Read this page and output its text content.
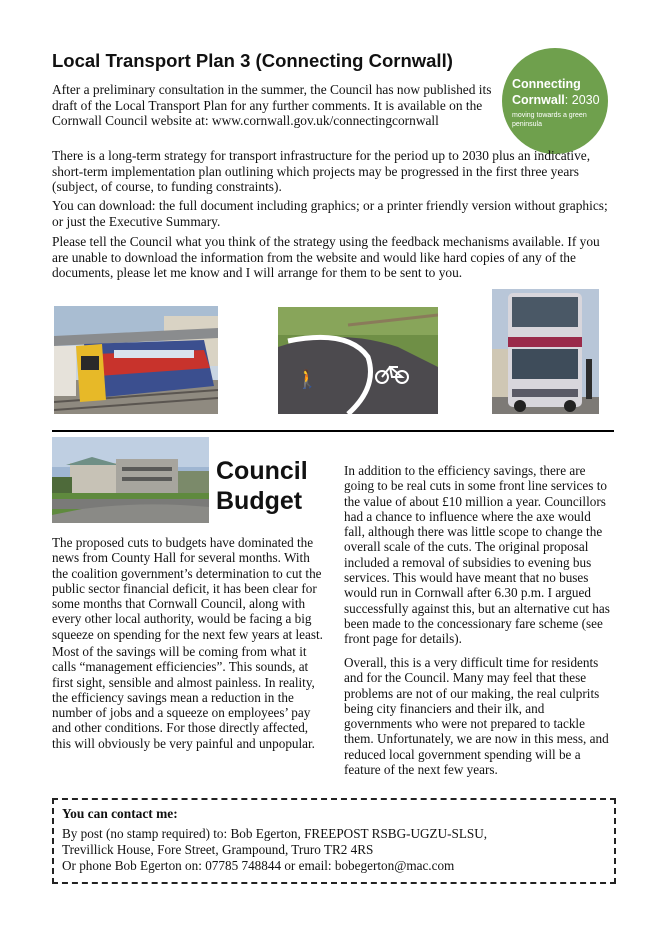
Local Transport Plan 3 (Connecting Cornwall)

After a preliminary consultation in the summer, the Council has now published its draft of the Local Transport Plan for any further comments. It is available on the Cornwall Council website at: www.cornwall.gov.uk/connectingcornwall

Connecting
Cornwall: 2030
moving towards a green peninsula

There is a long-term strategy for transport infrastructure for the period up to 2030 plus an indicative, short-term implementation plan outlining which projects may be progressed in the first three years (subject, of course, to funding constraints).

You can download: the full document including graphics; or a printer friendly version without graphics; or just the Executive Summary.

Please tell the Council what you think of the strategy using the feedback mechanisms available. If you are unable to download the information from the website and would like hard copies of any of the documents, please let me know and I will arrange for them to be sent to you.

🚶
Council
Budget

The proposed cuts to budgets have dominated the news from County Hall for several months. With the coalition government’s determination to cut the public sector financial deficit, it has been clear for some months that Cornwall Council, along with every other local authority, would be facing a big squeeze on spending for the next few years at least.

Most of the savings will be coming from what it calls “management efficiencies”. This sounds, at first sight, sensible and almost painless. In reality, the efficiency savings mean a reduction in the number of jobs and a squeeze on employees’ pay and other conditions. For those directly affected, this will obviously be very painful and unpopular.

In addition to the efficiency savings, there are going to be real cuts in some front line services to the value of about £10 million a year. Councillors had a chance to influence where the axe would fall, although there was little scope to change the overall scale of the cuts. The original proposal included a removal of subsidies to evening bus services. This would have meant that no buses would run in Cornwall after 6.30 p.m. I argued successfully against this, but an alternative cut has been made to the concessionary fare scheme (see front page for details).

Overall, this is a very difficult time for residents and for the Council. Many may feel that these problems are not of our making, the real culprits being city financiers and their ilk, and governments who were not prepared to tackle them. Unfortunately, we are now in this mess, and reduced local government spending will be a feature of the next few years.

You can contact me:
By post (no stamp required) to: Bob Egerton, FREEPOST RSBG-UGZU-SLSU,
Trevillick House, Fore Street, Grampound, Truro TR2 4RS
Or phone Bob Egerton on: 07785 748844 or email: bobegerton@mac.com
